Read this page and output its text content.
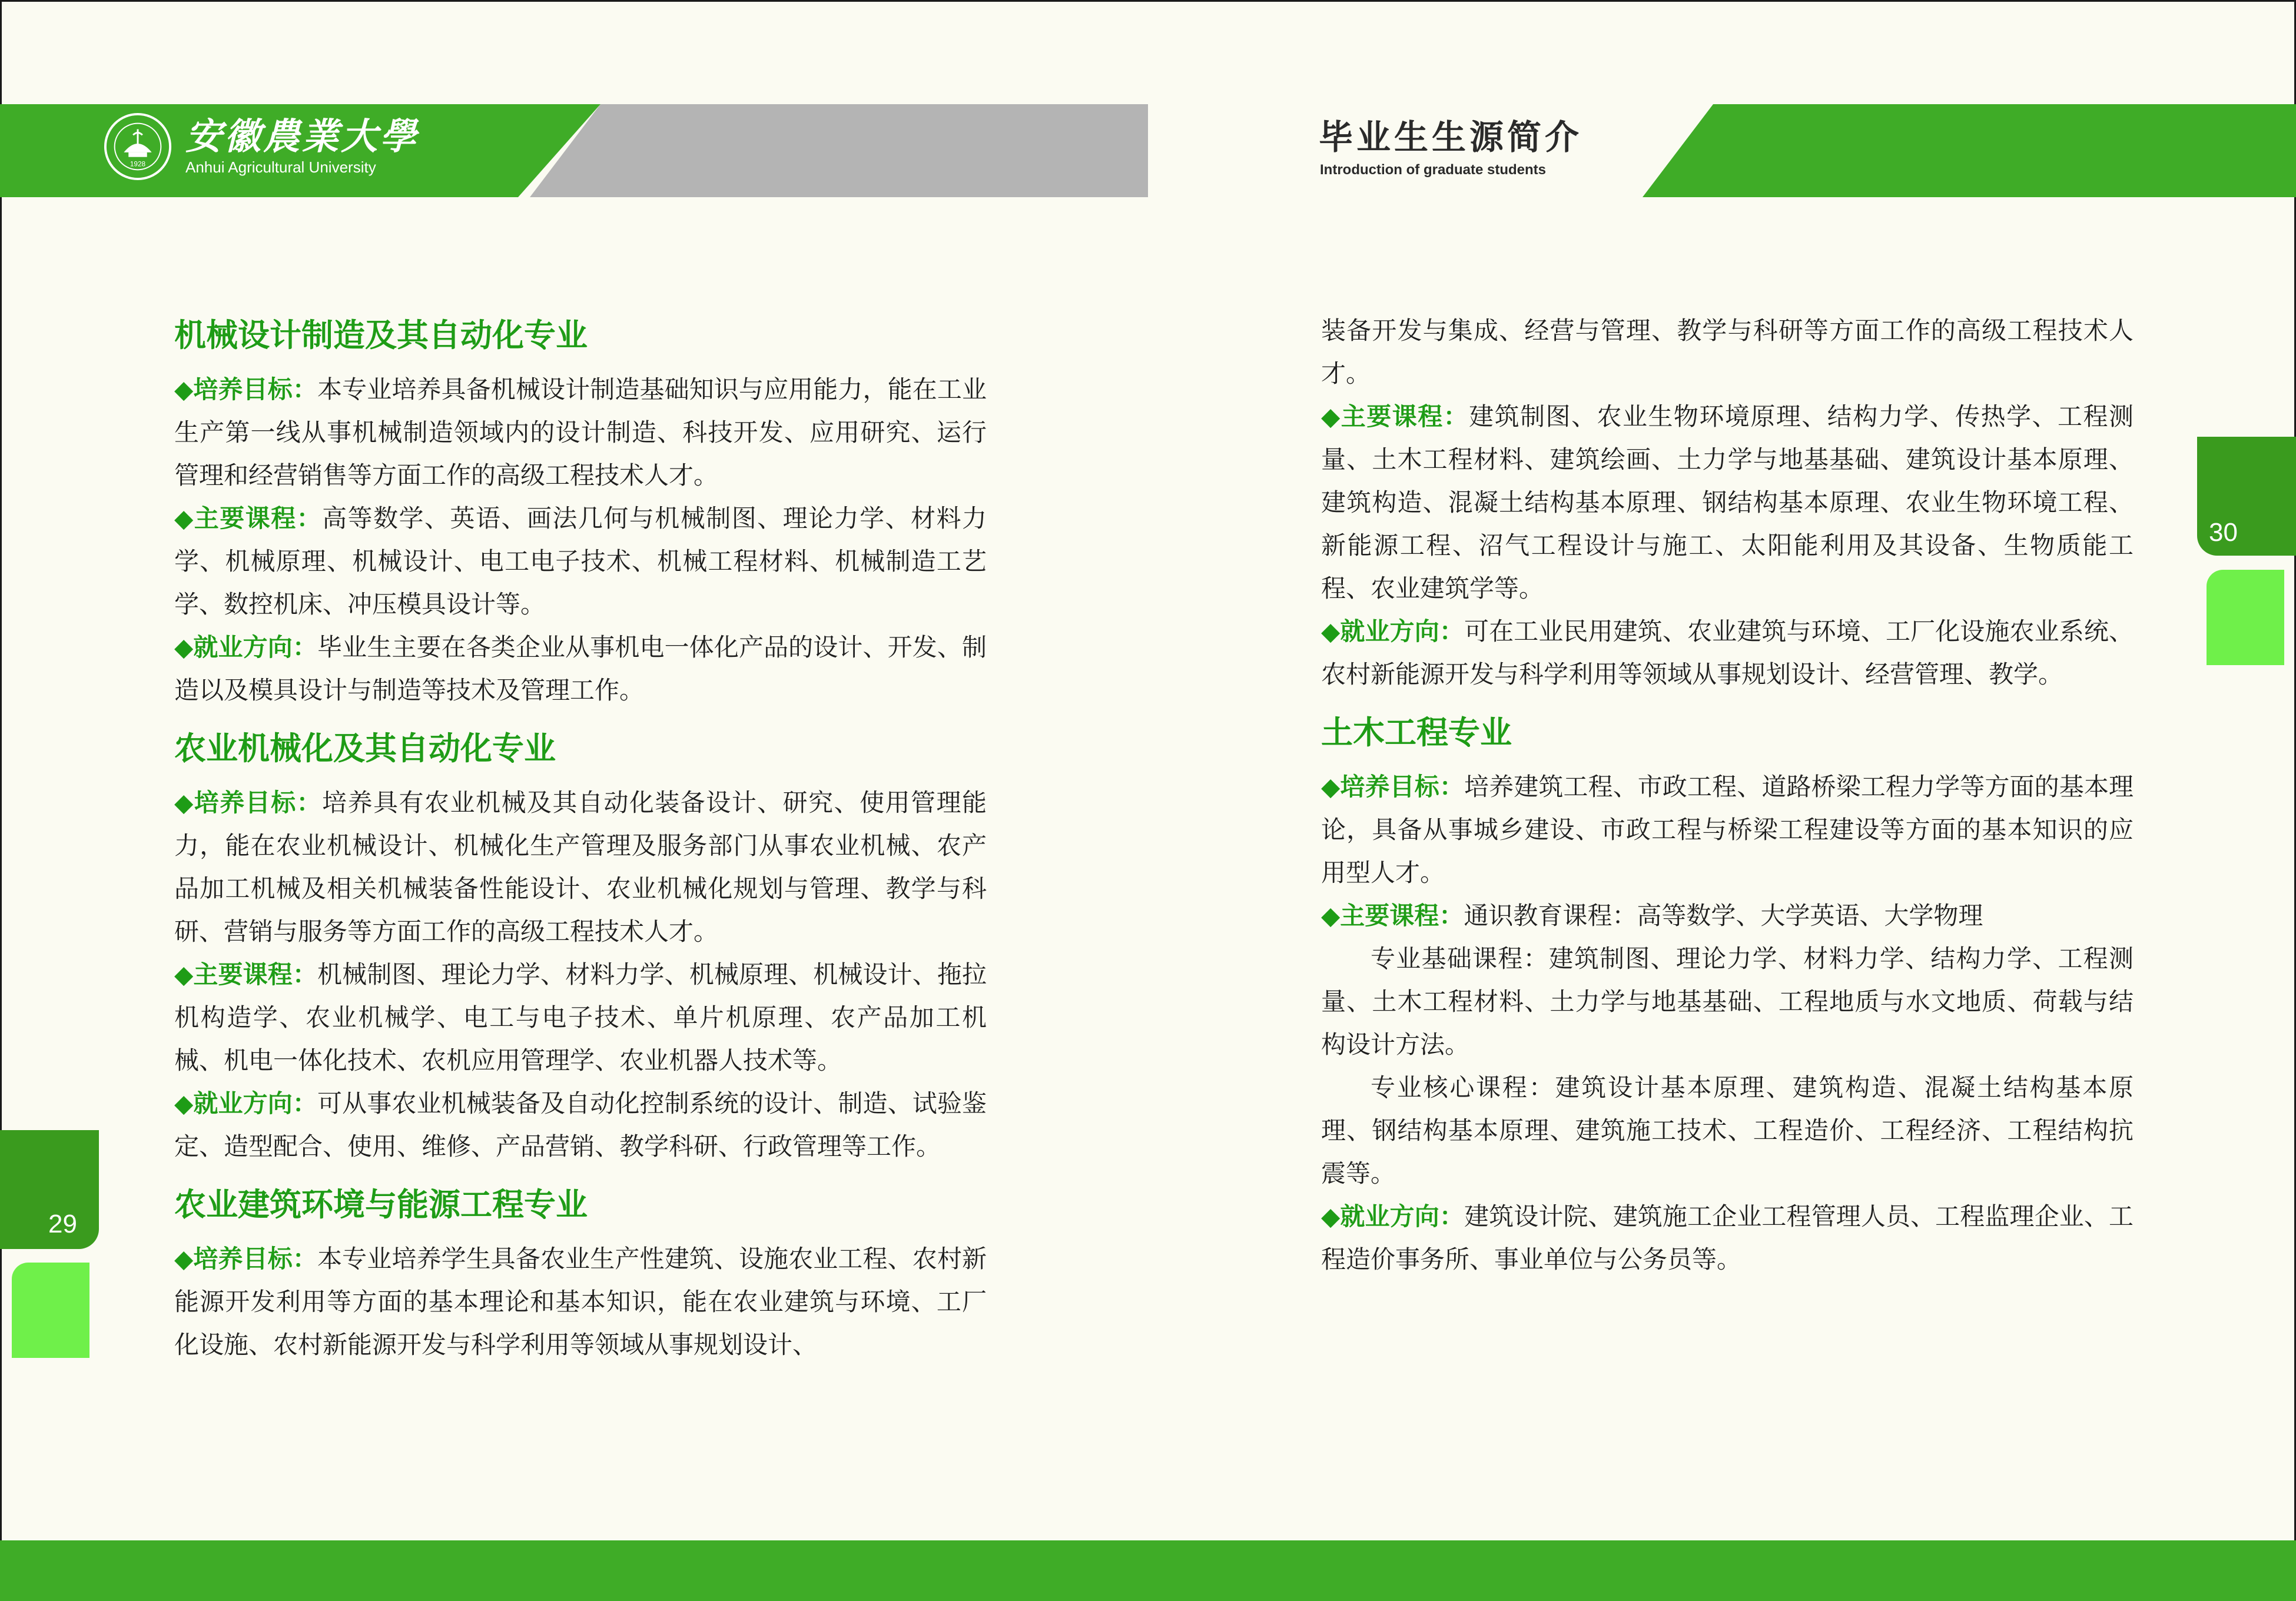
1928
安徽農業大學
Anhui Agricultural University
毕业生生源简介
Introduction of graduate students
29
30
机械设计制造及其自动化专业

◆培养目标：本专业培养具备机械设计制造基础知识与应用能力，能在工业生产第一线从事机械制造领域内的设计制造、科技开发、应用研究、运行管理和经营销售等方面工作的高级工程技术人才。

◆主要课程：高等数学、英语、画法几何与机械制图、理论力学、材料力学、机械原理、机械设计、电工电子技术、机械工程材料、机械制造工艺学、数控机床、冲压模具设计等。

◆就业方向：毕业生主要在各类企业从事机电一体化产品的设计、开发、制造以及模具设计与制造等技术及管理工作。

农业机械化及其自动化专业

◆培养目标：培养具有农业机械及其自动化装备设计、研究、使用管理能力，能在农业机械设计、机械化生产管理及服务部门从事农业机械、农产品加工机械及相关机械装备性能设计、农业机械化规划与管理、教学与科研、营销与服务等方面工作的高级工程技术人才。

◆主要课程：机械制图、理论力学、材料力学、机械原理、机械设计、拖拉机构造学、农业机械学、电工与电子技术、单片机原理、农产品加工机械、机电一体化技术、农机应用管理学、农业机器人技术等。

◆就业方向：可从事农业机械装备及自动化控制系统的设计、制造、试验鉴定、造型配合、使用、维修、产品营销、教学科研、行政管理等工作。

农业建筑环境与能源工程专业

◆培养目标：本专业培养学生具备农业生产性建筑、设施农业工程、农村新能源开发利用等方面的基本理论和基本知识，能在农业建筑与环境、工厂化设施、农村新能源开发与科学利用等领域从事规划设计、

装备开发与集成、经营与管理、教学与科研等方面工作的高级工程技术人才。

◆主要课程：建筑制图、农业生物环境原理、结构力学、传热学、工程测量、土木工程材料、建筑绘画、土力学与地基基础、建筑设计基本原理、建筑构造、混凝土结构基本原理、钢结构基本原理、农业生物环境工程、新能源工程、沼气工程设计与施工、太阳能利用及其设备、生物质能工程、农业建筑学等。

◆就业方向：可在工业民用建筑、农业建筑与环境、工厂化设施农业系统、农村新能源开发与科学利用等领域从事规划设计、经营管理、教学。

土木工程专业

◆培养目标：培养建筑工程、市政工程、道路桥梁工程力学等方面的基本理论，具备从事城乡建设、市政工程与桥梁工程建设等方面的基本知识的应用型人才。

◆主要课程：通识教育课程：高等数学、大学英语、大学物理

专业基础课程：建筑制图、理论力学、材料力学、结构力学、工程测量、土木工程材料、土力学与地基基础、工程地质与水文地质、荷载与结构设计方法。

专业核心课程：建筑设计基本原理、建筑构造、混凝土结构基本原理、钢结构基本原理、建筑施工技术、工程造价、工程经济、工程结构抗震等。

◆就业方向：建筑设计院、建筑施工企业工程管理人员、工程监理企业、工程造价事务所、事业单位与公务员等。
